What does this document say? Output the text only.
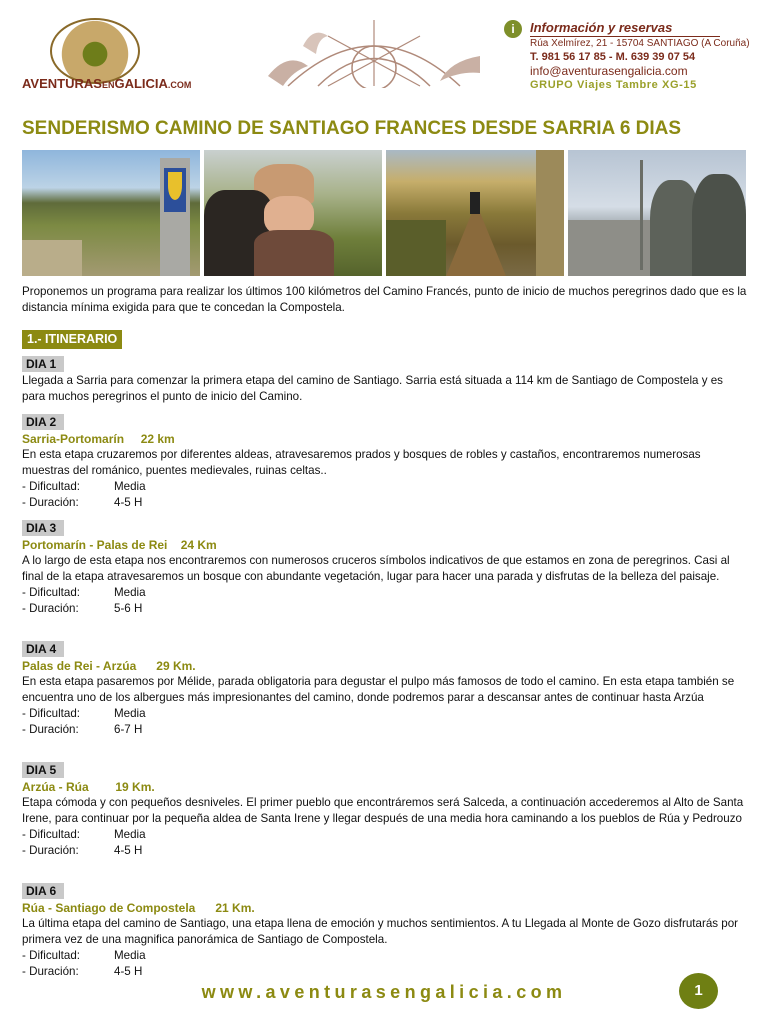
AVENTURASENGALICIA.COM
i	Información y reservas
Rúa Xelmírez, 21 - 15704 SANTIAGO (A Coruña)
T. 981 56 17 85 - M. 639 39 07 54
info@aventurasengalicia.com
GRUPO Viajes Tambre XG-15
SENDERISMO CAMINO DE SANTIAGO FRANCES DESDE SARRIA 6 DIAS
Proponemos un programa para realizar los últimos 100 kilómetros del Camino Francés, punto de inicio de muchos peregrinos dado que es la distancia mínima exigida para que te concedan la Compostela.
1.- ITINERARIO
DIA 1
Llegada a Sarria para comenzar la primera etapa del camino de Santiago. Sarria está situada a 114 km de Santiago de Compostela y es para muchos peregrinos el punto de inicio del Camino.
DIA 2
Sarria-Portomarín     22 km
En esta etapa cruzaremos por diferentes aldeas, atravesaremos prados y bosques de robles y castaños, encontraremos numerosas muestras del románico, puentes medievales, ruinas celtas..
- Dificultad:	Media
- Duración:	4-5 H
DIA 3
Portomarín - Palas de Rei    24 Km
A lo largo de esta etapa nos encontraremos con numerosos cruceros símbolos indicativos de que estamos en zona de peregrinos. Casi al final de la etapa atravesaremos un bosque con abundante vegetación, lugar para hacer una parada y disfrutas de la belleza del paisaje.
- Dificultad:	Media
- Duración:	5-6 H
DIA 4
Palas de Rei - Arzúa      29 Km.
En esta etapa pasaremos por Mélide, parada obligatoria para degustar el pulpo más famosos de todo el camino. En esta etapa también se encuentra uno de los albergues más impresionantes del camino, donde podremos parar a descansar antes de continuar hasta Arzúa
- Dificultad:	Media
- Duración:	6-7 H
DIA 5
Arzúa - Rúa        19 Km.
Etapa cómoda y con pequeños desniveles. El primer pueblo que encontráremos será Salceda, a continuación accederemos al Alto de Santa Irene, para continuar por la pequeña aldea de Santa Irene y llegar después de una media hora caminando a los pueblos de Rúa y Pedrouzo
- Dificultad:	Media
- Duración:	4-5 H
DIA 6
Rúa - Santiago de Compostela      21 Km.
La última etapa del camino de Santiago, una etapa llena de emoción y muchos sentimientos. A tu Llegada al Monte de Gozo disfrutarás por primera vez de una magnifica panorámica de Santiago de Compostela.
- Dificultad:	Media
- Duración:	4-5 H
www.aventurasengalicia.com	1
